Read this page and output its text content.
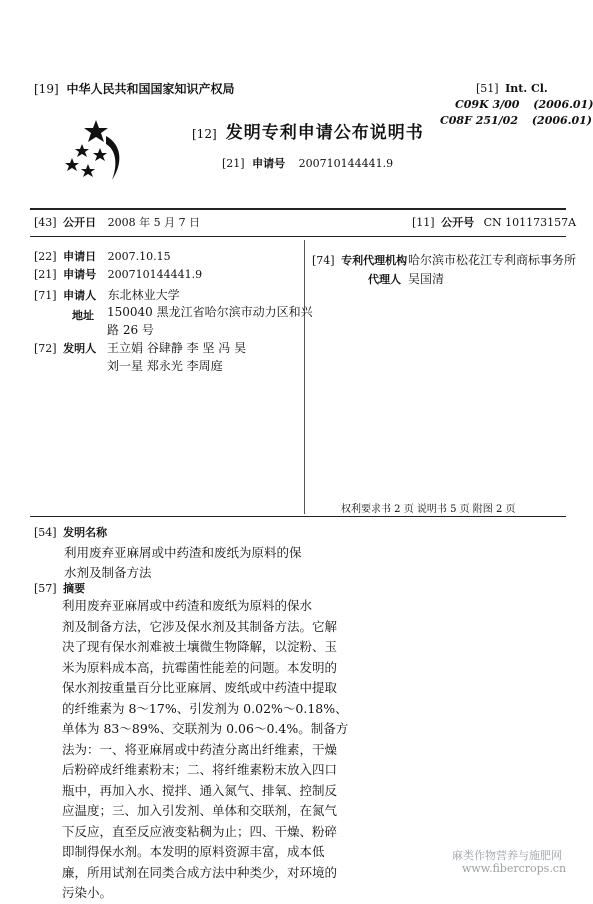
[19] 中华人民共和国国家知识产权局
[12] 发明专利申请公布说明书
[21] 申请号 200710144441.9
[51] Int. Cl.
C09K 3/00 (2006.01)
C08F 251/02 (2006.01)
[43] 公开日 2008 年 5 月 7 日	[11] 公开号 CN 101173157A
[22] 申请日 2007.10.15
[21] 申请号 200710144441.9
[71] 申请人 东北林业大学
地址 150040 黑龙江省哈尔滨市动力区和兴
路 26 号
[72] 发明人 王立娟 谷肆静 李 坚 冯 昊
刘一星 郑永光 李周庭
[74] 专利代理机构 哈尔滨市松花江专利商标事务所
代理人 吴国清
权利要求书 2 页 说明书 5 页 附图 2 页
[54] 发明名称
利用废弃亚麻屑或中药渣和废纸为原料的保
水剂及制备方法
[57] 摘要
利用废弃亚麻屑或中药渣和废纸为原料的保水
剂及制备方法，它涉及保水剂及其制备方法。它解
决了现有保水剂难被土壤微生物降解，以淀粉、玉
米为原料成本高，抗霉菌性能差的问题。本发明的
保水剂按重量百分比亚麻屑、废纸或中药渣中提取
的纤维素为 8～17%、引发剂为 0.02%～0.18%、
单体为 83～89%、交联剂为 0.06～0.4%。制备方
法为：一、将亚麻屑或中药渣分离出纤维素，干燥
后粉碎成纤维素粉末；二、将纤维素粉末放入四口
瓶中，再加入水、搅拌、通入氮气、排氧、控制反
应温度；三、加入引发剂、单体和交联剂，在氮气
下反应，直至反应液变粘稠为止；四、干燥、粉碎
即制得保水剂。本发明的原料资源丰富，成本低
廉，所用试剂在同类合成方法中种类少，对环境的
污染小。
麻类作物营养与施肥网
www.fibercrops.cn
